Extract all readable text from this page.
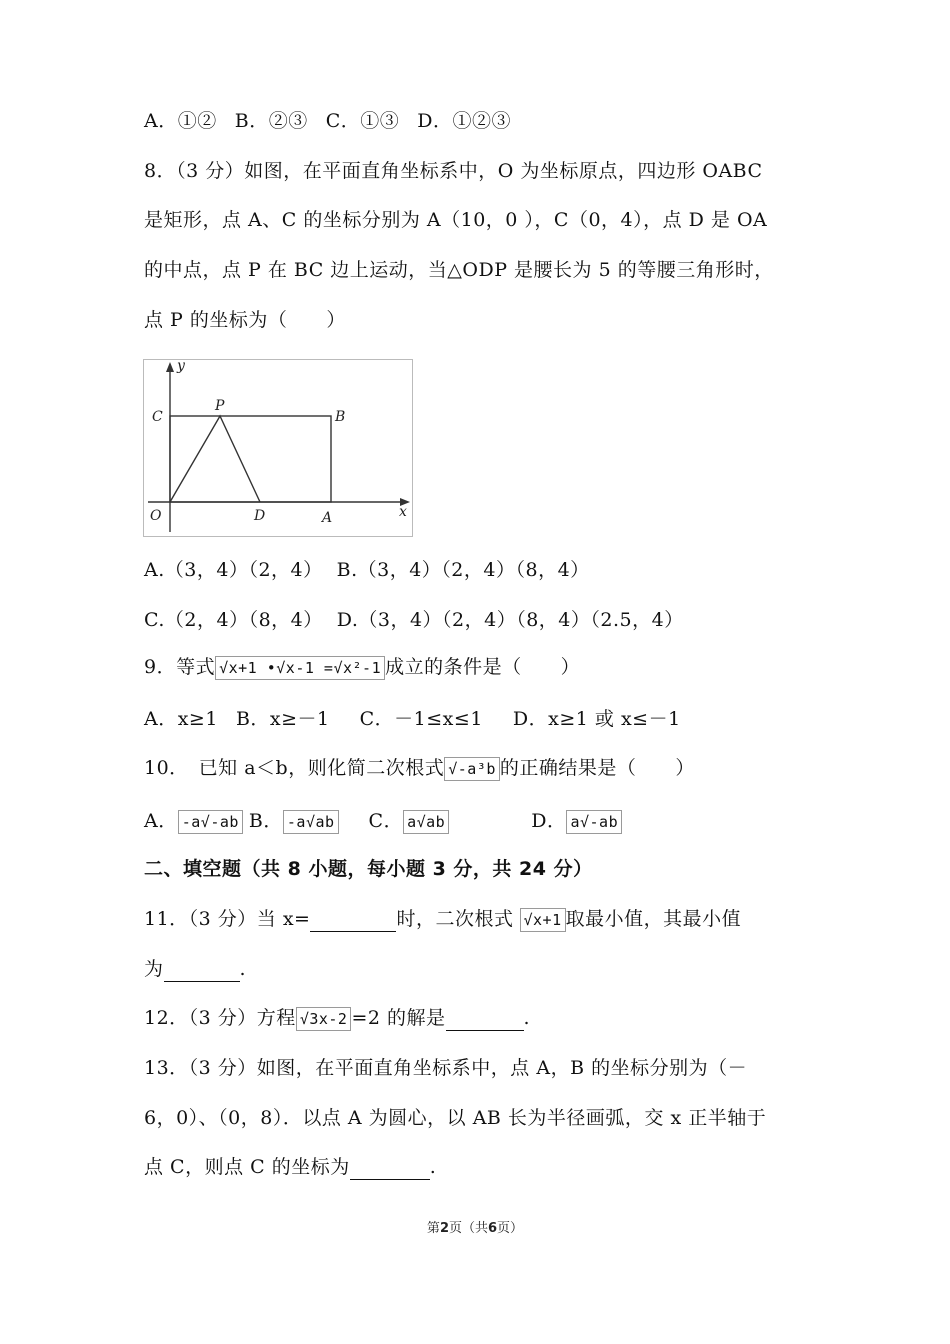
A．①② B．②③ C．①③ D．①②③
8．（3 分）如图，在平面直角坐标系中，O 为坐标原点，四边形 OABC
是矩形，点 A、C 的坐标分别为 A（10，0 ），C（0，4），点 D 是 OA
的中点，点 P 在 BC 边上运动，当△ODP 是腰长为 5 的等腰三角形时，
点 P 的坐标为（　　）
y
x
O
C
P
B
D	A
A.（3，4）（2，4） B.（3，4）（2，4）（8，4）
C.（2，4）（8，4） D.（3，4）（2，4）（8，4）（2.5，4）
9．等式 √x+1 •√x-1 =√x²-1 成立的条件是（　　）
A．x≥1 B．x≥－1 C．－1≤x≤1 D．x≥1 或 x≤－1
10．　已知 a＜b，则化简二次根式 √-a³b 的正确结果是（　　）
A． -a√-ab B． -a√ab C． a√ab	D． a√-ab
二、填空题（共 8 小题，每小题 3 分，共 24 分）
11．（3 分）当 x=	时，二次根式 √x+1 取最小值，其最小值
为	.
12．（3 分）方程 √3x-2 =2 的解是	.
13．（3 分）如图，在平面直角坐标系中，点 A，B 的坐标分别为（－
6，0）、（0，8）．以点 A 为圆心，以 AB 长为半径画弧，交 x 正半轴于
点 C，则点 C 的坐标为	.
第2页（共6页）
